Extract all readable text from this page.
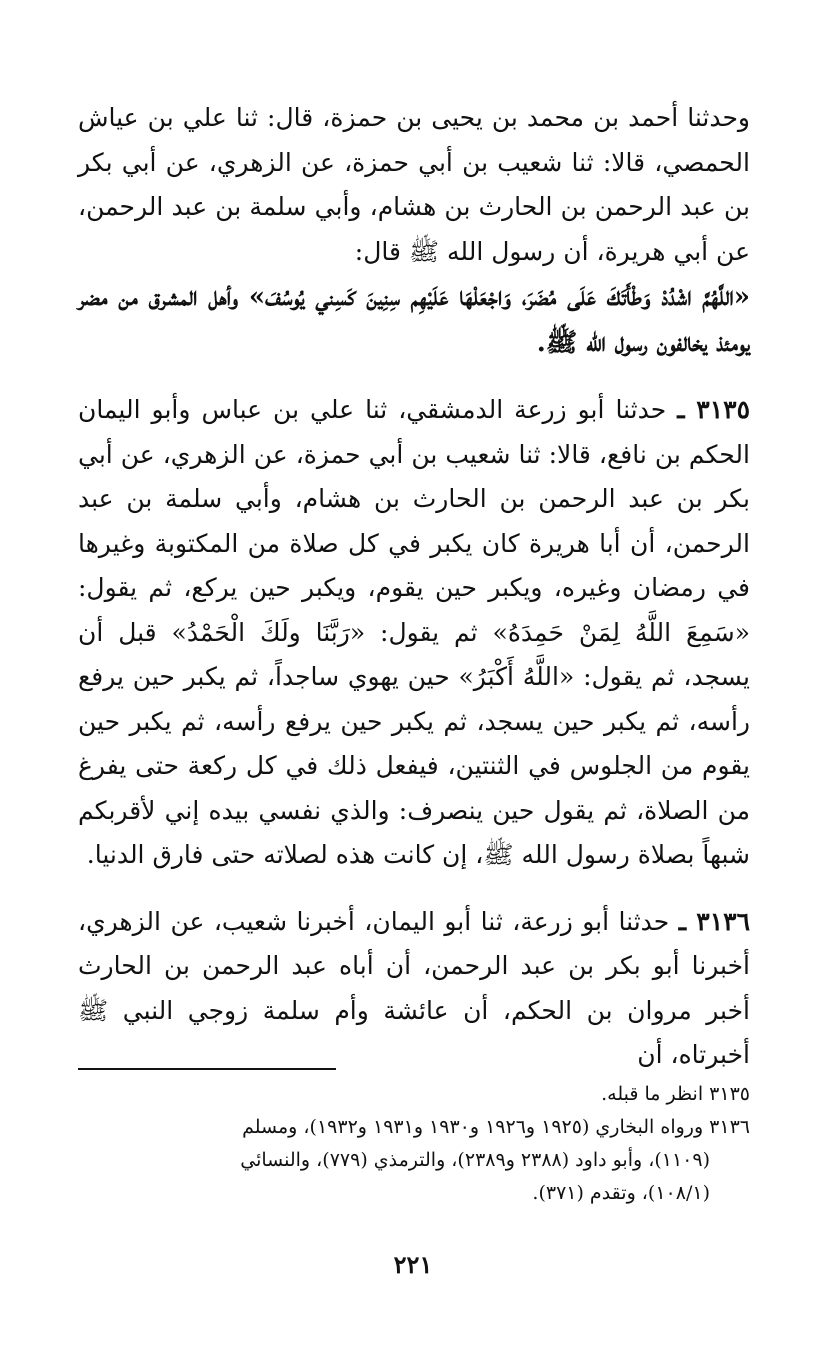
وحدثنا أحمد بن محمد بن يحيى بن حمزة، قال: ثنا علي بن عياش الحمصي، قالا: ثنا شعيب بن أبي حمزة، عن الزهري، عن أبي بكر بن عبد الرحمن بن الحارث بن هشام، وأبي سلمة بن عبد الرحمن، عن أبي هريرة، أن رسول الله ﷺ قال:

«اللَّهُمَّ اشْدُدْ وَطْأَتَكَ عَلَى مُضَرَ، وَاجْعَلْهَا عَلَيْهِم سِنِينَ كَسِني يُوسُفَ» وأهل المشرق من مضر يومئذ يخالفون رسول الله ﷺ.

٣١٣٥ ـ حدثنا أبو زرعة الدمشقي، ثنا علي بن عباس وأبو اليمان الحكم بن نافع، قالا: ثنا شعيب بن أبي حمزة، عن الزهري، عن أبي بكر بن عبد الرحمن بن الحارث بن هشام، وأبي سلمة بن عبد الرحمن، أن أبا هريرة كان يكبر في كل صلاة من المكتوبة وغيرها في رمضان وغيره، ويكبر حين يقوم، ويكبر حين يركع، ثم يقول: «سَمِعَ اللَّهُ لِمَنْ حَمِدَهُ» ثم يقول: «رَبَّنَا ولَكَ الْحَمْدُ» قبل أن يسجد، ثم يقول: «اللَّهُ أَكْبَرُ» حين يهوي ساجداً، ثم يكبر حين يرفع رأسه، ثم يكبر حين يسجد، ثم يكبر حين يرفع رأسه، ثم يكبر حين يقوم من الجلوس في الثنتين، فيفعل ذلك في كل ركعة حتى يفرغ من الصلاة، ثم يقول حين ينصرف: والذي نفسي بيده إني لأقربكم شبهاً بصلاة رسول الله ﷺ، إن كانت هذه لصلاته حتى فارق الدنيا.

٣١٣٦ ـ حدثنا أبو زرعة، ثنا أبو اليمان، أخبرنا شعيب، عن الزهري، أخبرنا أبو بكر بن عبد الرحمن، أن أباه عبد الرحمن بن الحارث أخبر مروان بن الحكم، أن عائشة وأم سلمة زوجي النبي ﷺ أخبرتاه، أن

٣١٣٥ انظر ما قبله.

٣١٣٦ ورواه البخاري (١٩٢٥ و١٩٢٦ و١٩٣٠ و١٩٣١ و١٩٣٢)، ومسلم

(١١٠٩)، وأبو داود (٢٣٨٨ و٢٣٨٩)، والترمذي (٧٧٩)، والنسائي

(١٠٨/١)، وتقدم (٣٧١).

٢٢١
